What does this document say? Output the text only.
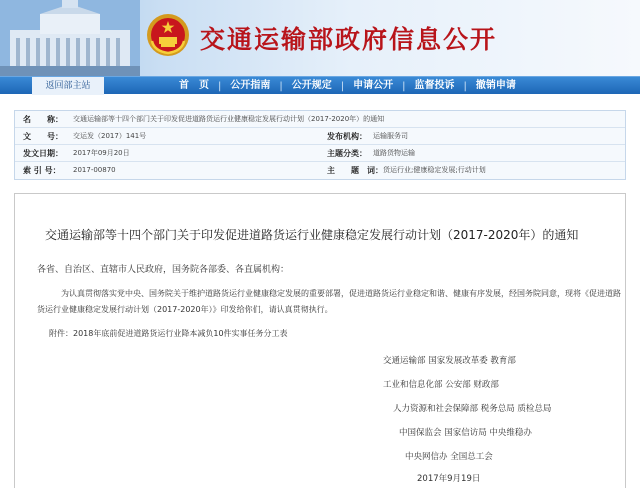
交通运输部政府信息公开
返回部主站	首　页 | 公开指南 | 公开规定 | 申请公开 | 监督投诉 | 撤销申请
名　　称： 交通运输部等十四个部门关于印发促进道路货运行业健康稳定发展行动计划（2017-2020年）的通知
文　　号： 交运发（2017）141号	发布机构： 运输服务司
发文日期： 2017年09月20日	主题分类： 道路货物运输
索 引 号： 2017-00870	主　　题　词： 货运行业;健康稳定发展;行动计划
交通运输部等十四个部门关于印发促进道路货运行业健康稳定发展行动计划（2017-2020年）的通知
各省、自治区、直辖市人民政府，国务院各部委、各直属机构：
为认真贯彻落实党中央、国务院关于维护道路货运行业健康稳定发展的重要部署，促进道路货运行业稳定和谐、健康有序发展，经国务院同意，现将《促进道路货运行业健康稳定发展行动计划（2017-2020年）》印发给你们，请认真贯彻执行。
附件：2018年底前促进道路货运行业降本减负10件实事任务分工表
交通运输部 国家发展改革委 教育部
工业和信息化部 公安部 财政部
人力资源和社会保障部 税务总局 质检总局
中国保监会 国家信访局 中央维稳办
中央网信办 全国总工会
2017年9月19日
